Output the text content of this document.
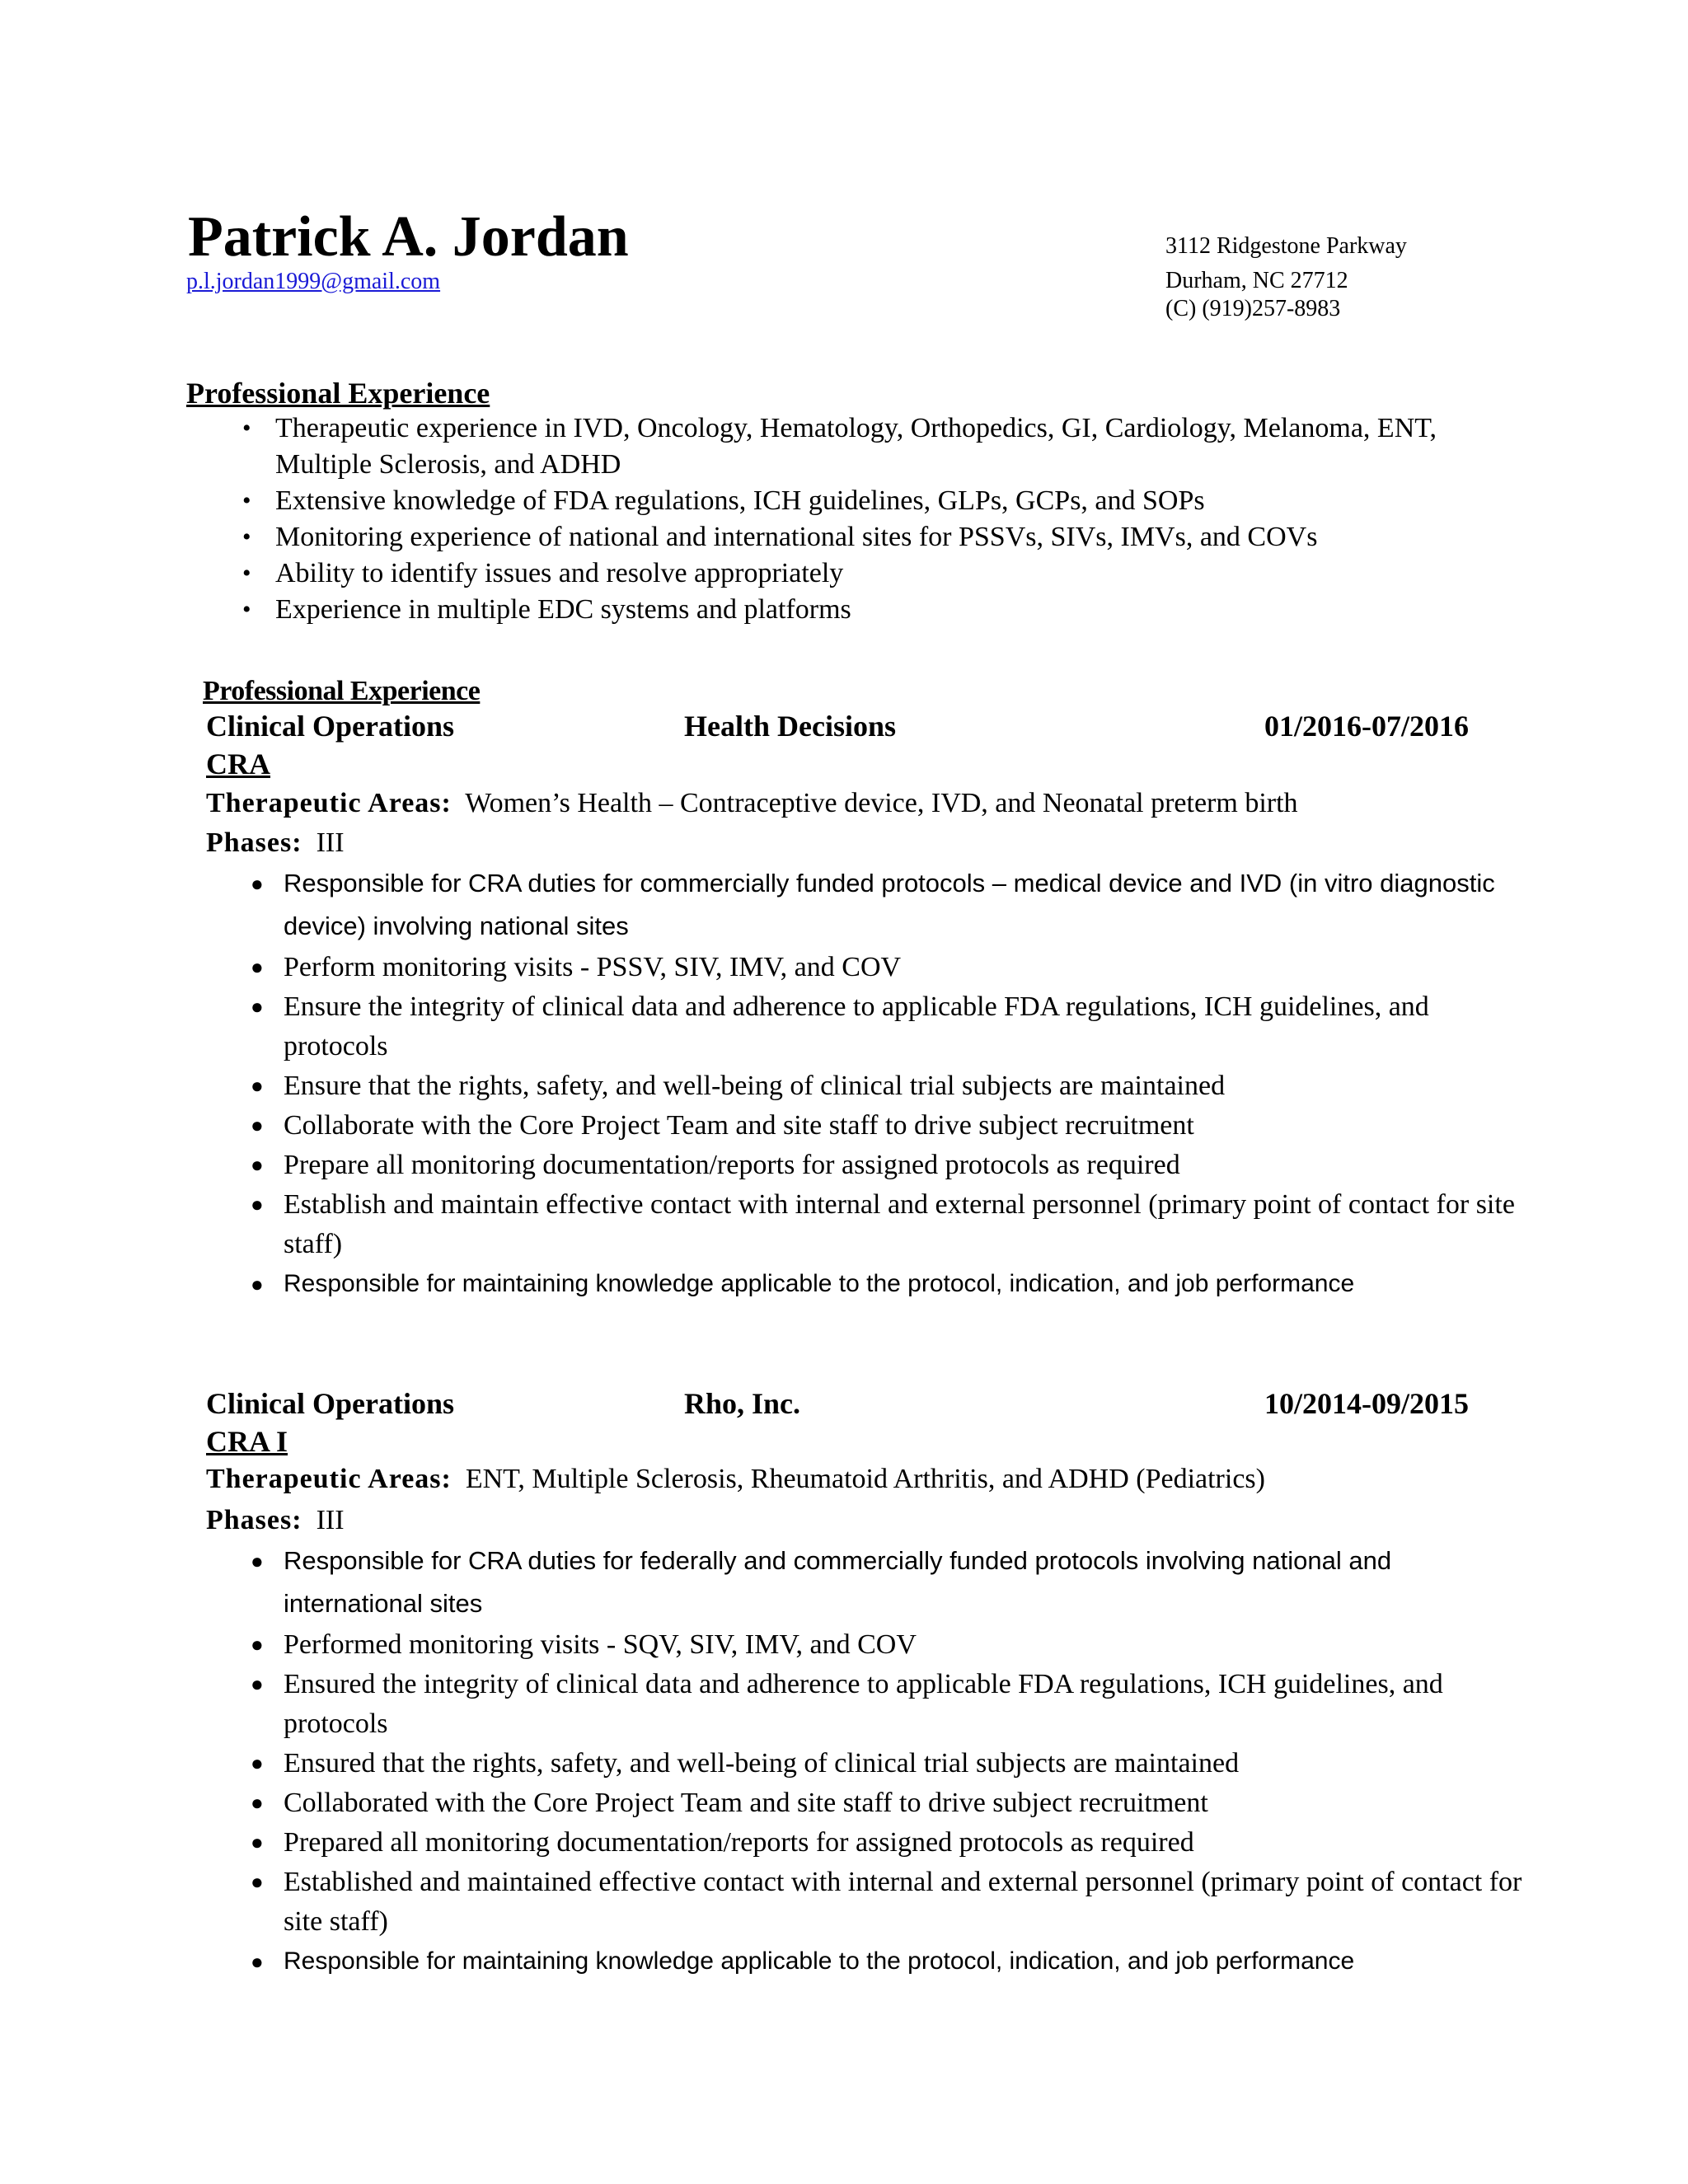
Patrick A. Jordan
p.l.jordan1999@gmail.com
3112 Ridgestone Parkway
Durham, NC 27712
(C) (919)257-8983
Professional Experience
• Therapeutic experience in IVD, Oncology, Hematology, Orthopedics, GI, Cardiology, Melanoma, ENT, Multiple Sclerosis, and ADHD
• Extensive knowledge of FDA regulations, ICH guidelines, GLPs, GCPs, and SOPs
• Monitoring experience of national and international sites for PSSVs, SIVs, IMVs, and COVs
• Ability to identify issues and resolve appropriately
• Experience in multiple EDC systems and platforms
Professional Experience
Clinical Operations	Health Decisions	01/2016-07/2016
CRA
Therapeutic Areas: Women’s Health – Contraceptive device, IVD, and Neonatal preterm birth
Phases: III
● Responsible for CRA duties for commercially funded protocols – medical device and IVD (in vitro diagnostic device) involving national sites
● Perform monitoring visits - PSSV, SIV, IMV, and COV
● Ensure the integrity of clinical data and adherence to applicable FDA regulations, ICH guidelines, and protocols
● Ensure that the rights, safety, and well-being of clinical trial subjects are maintained
● Collaborate with the Core Project Team and site staff to drive subject recruitment
● Prepare all monitoring documentation/reports for assigned protocols as required
● Establish and maintain effective contact with internal and external personnel (primary point of contact for site staff)
● Responsible for maintaining knowledge applicable to the protocol, indication, and job performance
Clinical Operations	Rho, Inc.	10/2014-09/2015
CRA I
Therapeutic Areas: ENT, Multiple Sclerosis, Rheumatoid Arthritis, and ADHD (Pediatrics)
Phases: III
● Responsible for CRA duties for federally and commercially funded protocols involving national and international sites
● Performed monitoring visits - SQV, SIV, IMV, and COV
● Ensured the integrity of clinical data and adherence to applicable FDA regulations, ICH guidelines, and protocols
● Ensured that the rights, safety, and well-being of clinical trial subjects are maintained
● Collaborated with the Core Project Team and site staff to drive subject recruitment
● Prepared all monitoring documentation/reports for assigned protocols as required
● Established and maintained effective contact with internal and external personnel (primary point of contact for site staff)
● Responsible for maintaining knowledge applicable to the protocol, indication, and job performance
